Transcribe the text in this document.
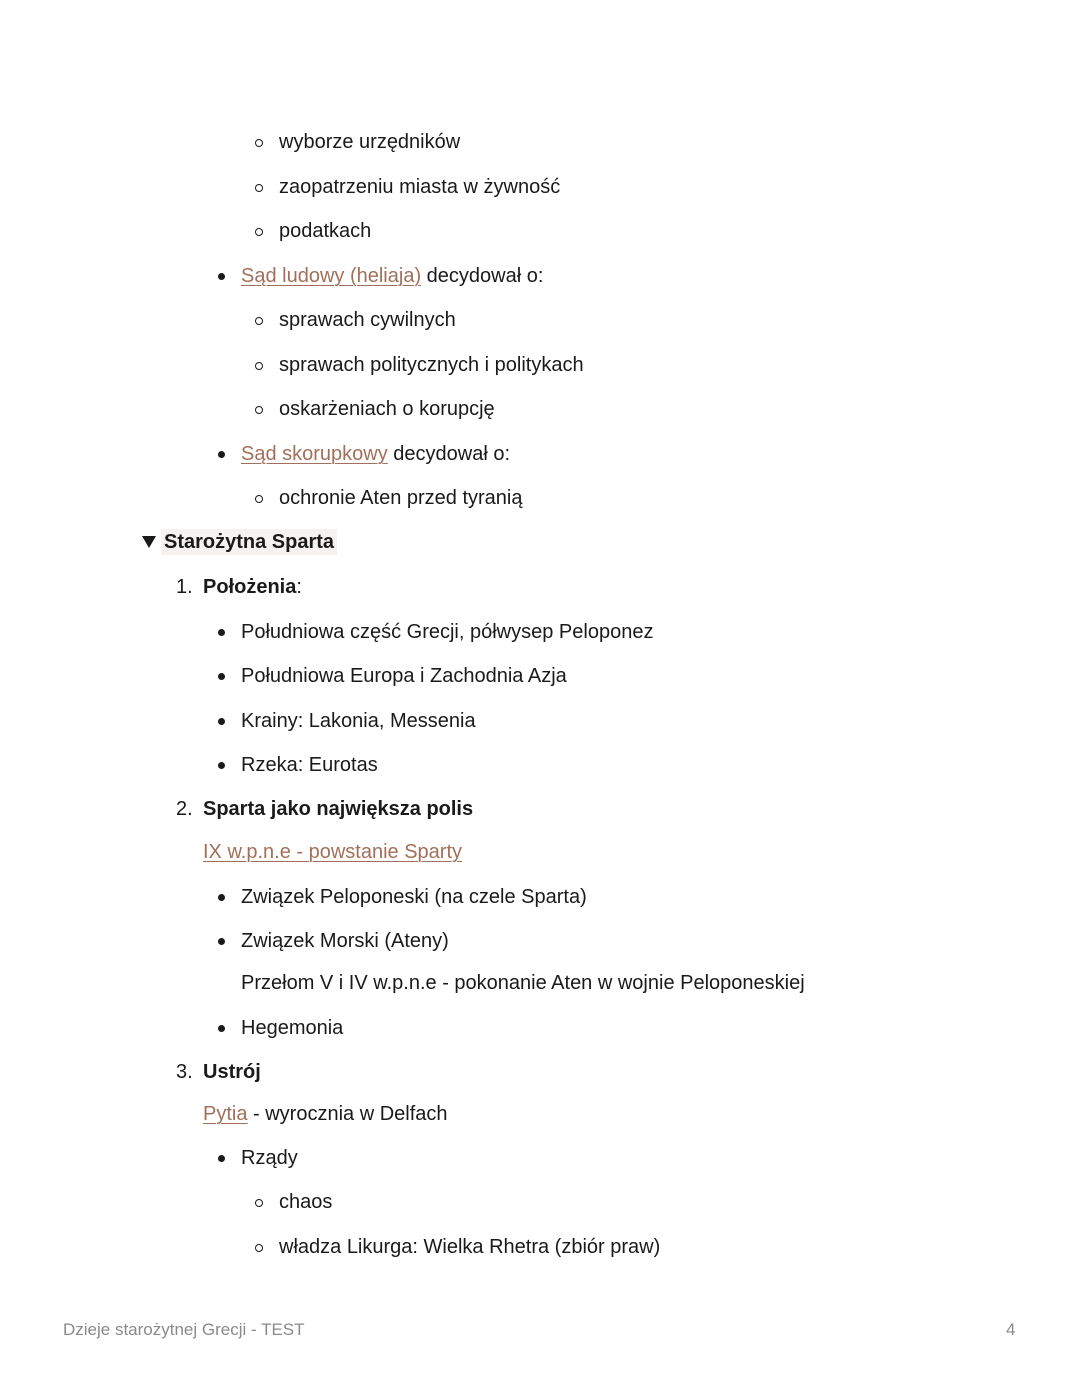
wyborze urzędników
zaopatrzeniu miasta w żywność
podatkach
Sąd ludowy (heliaja) decydował o:
sprawach cywilnych
sprawach politycznych i politykach
oskarżeniach o korupcję
Sąd skorupkowy decydował o:
ochronie Aten przed tyranią
Starożytna Sparta
1. Położenia:
Południowa część Grecji, półwysep Peloponez
Południowa Europa i Zachodnia Azja
Krainy: Lakonia, Messenia
Rzeka: Eurotas
2. Sparta jako największa polis
IX w.p.n.e - powstanie Sparty
Związek Peloponeski (na czele Sparta)
Związek Morski (Ateny)
Przełom V i IV w.p.n.e - pokonanie Aten w wojnie Peloponeskiej
Hegemonia
3. Ustrój
Pytia - wyrocznia w Delfach
Rządy
chaos
władza Likurga: Wielka Rhetra (zbiór praw)
Dzieje starożytnej Grecji - TEST	4
